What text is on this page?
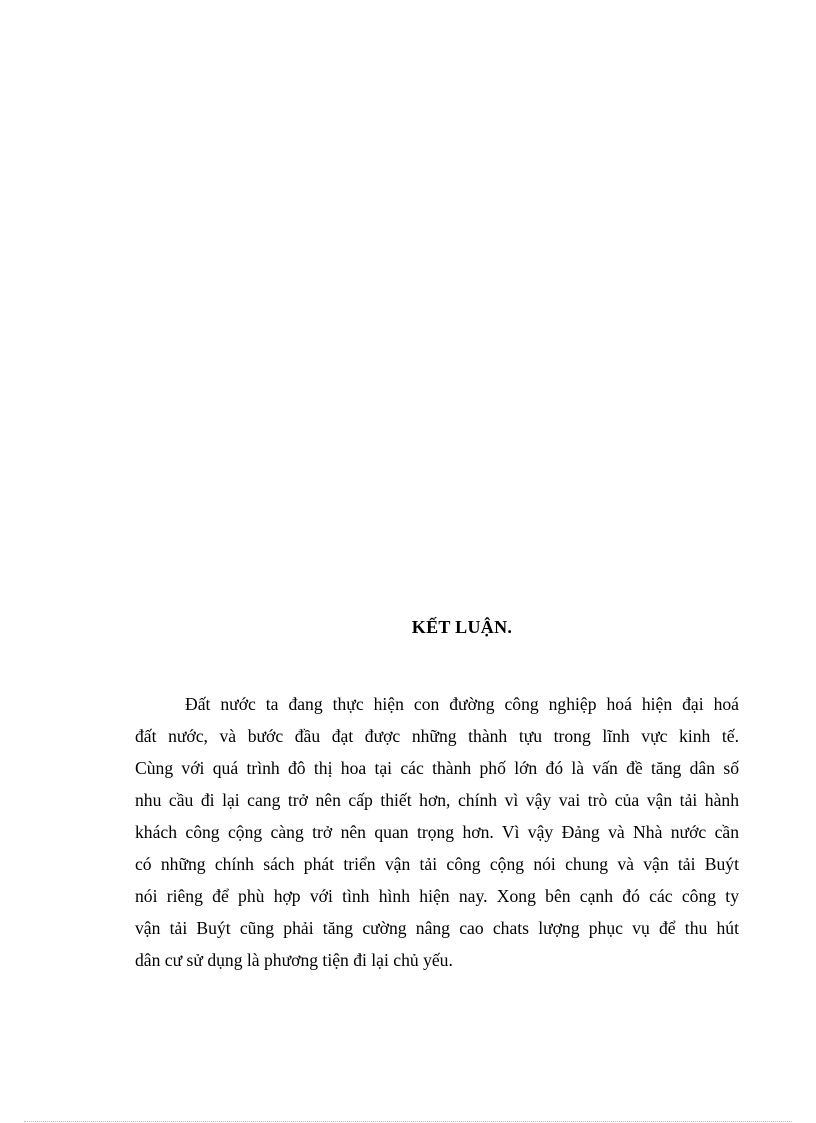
KẾT LUẬN.
Đất nước ta đang thực hiện con đường công nghiệp hoá hiện đại hoá
đất nước, và bước đầu đạt được những thành tựu trong lĩnh vực kinh tế.
Cùng với quá trình đô thị hoa tại các thành phố lớn đó là vấn đề tăng dân số
nhu cầu đi lại cang trở nên cấp thiết hơn, chính vì vậy vai trò của vận tải hành
khách công cộng càng trở nên quan trọng hơn. Vì vậy Đảng và Nhà nước cần
có những chính sách phát triển vận tải công cộng nói chung và vận tải Buýt
nói riêng để phù hợp với tình hình hiện nay. Xong bên cạnh đó các công ty
vận tải Buýt cũng phải tăng cường nâng cao chats lượng phục vụ để thu hút
dân cư sử dụng là phương tiện đi lại chủ yếu.
